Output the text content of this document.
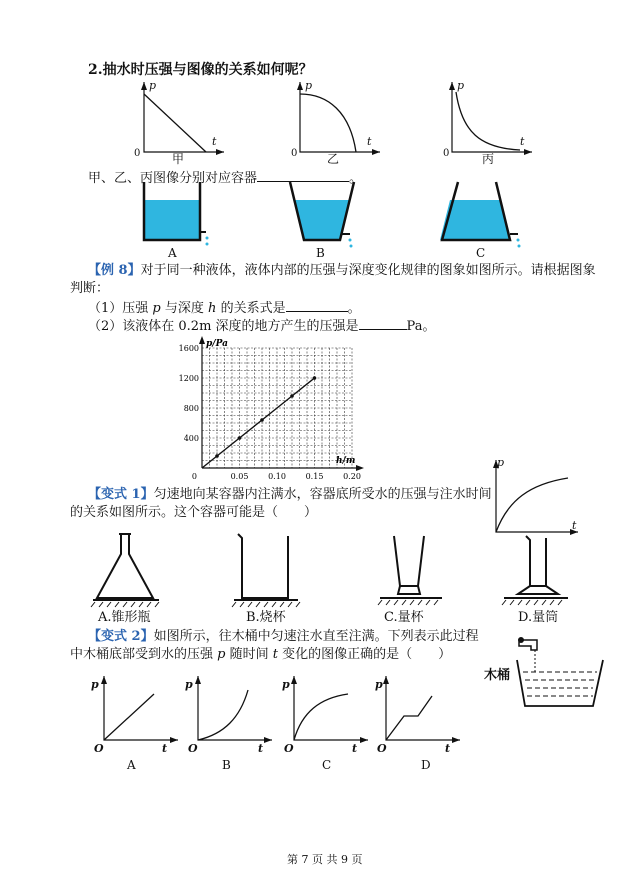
2.抽水时压强与图像的关系如何呢？
p
t
0	甲
p
t
0 乙
p
t
0	丙
甲、乙、丙图像分别对应容器	。
A	B	C
【例 8】对于同一种液体，液体内部的压强与深度变化规律的图象如图所示。请根据图象
判断：
（1）压强 p 与深度 h 的关系式是	。
（2）该液体在 0.2m 深度的地方产生的压强是	Pa。
0.05 0.10 0.15 0.20
400
800
1200
1600
0
p/Pa
h/m
【变式 1】匀速地向某容器内注满水，容器底所受水的压强与注水时间
的关系如图所示。这个容器可能是（　　）
p
t
A.锥形瓶	B.烧杯	C.量杯	D.量筒
【变式 2】如图所示，往木桶中匀速注水直至注满。下列表示此过程
中木桶底部受到水的压强 p 随时间 t 变化的图像正确的是（　　）
木桶
p
t
O
A
p
t
O
B
p
t
O
C
p
t
O
D
第 7 页 共 9 页
